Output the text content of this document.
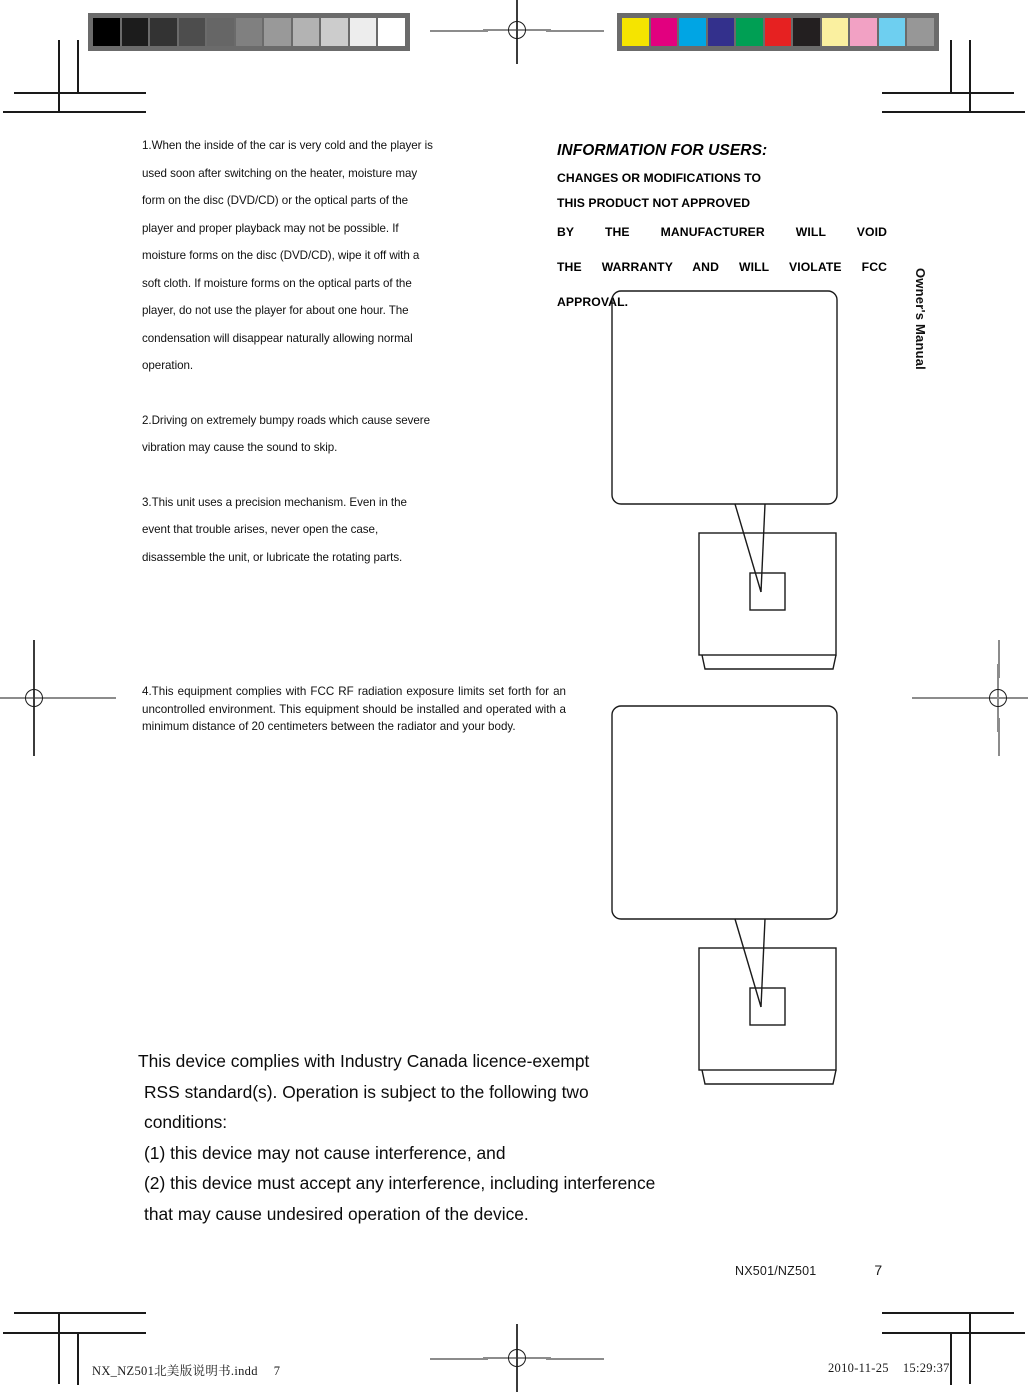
1.When the inside of the car is very cold and the player is used soon after switching on the heater, moisture may form on the disc (DVD/CD) or the optical parts of the player and proper playback may not be possible. If moisture forms on the disc (DVD/CD), wipe it off with a soft cloth. If moisture forms on the optical parts of the player, do not use the player for about one hour. The condensation will disappear naturally allowing normal operation.

2.Driving on extremely bumpy roads which cause severe vibration may cause the sound to skip.

3.This unit uses a precision mechanism. Even in the event that trouble arises, never open the case, disassemble the unit, or lubricate the rotating parts.

4.This equipment complies with FCC RF radiation exposure limits set forth for an uncontrolled environment. This equipment should be installed and operated with a minimum distance of 20 centimeters between the radiator and your body.

INFORMATION FOR USERS:

CHANGES OR MODIFICATIONS TO

THIS PRODUCT NOT APPROVED

BY THE MANUFACTURER WILL VOID
THE WARRANTY AND WILL VIOLATE FCC
APPROVAL.	Owner's Manual
This device complies with Industry Canada licence-exempt
RSS standard(s). Operation is subject to the following two
conditions:
(1) this device may not cause interference, and
(2) this device must accept any interference, including interference
that may cause undesired operation of the device.
NX501/NZ501	7
NX_NZ501北美版说明书.indd 7	2010-11-25 15:29:37
